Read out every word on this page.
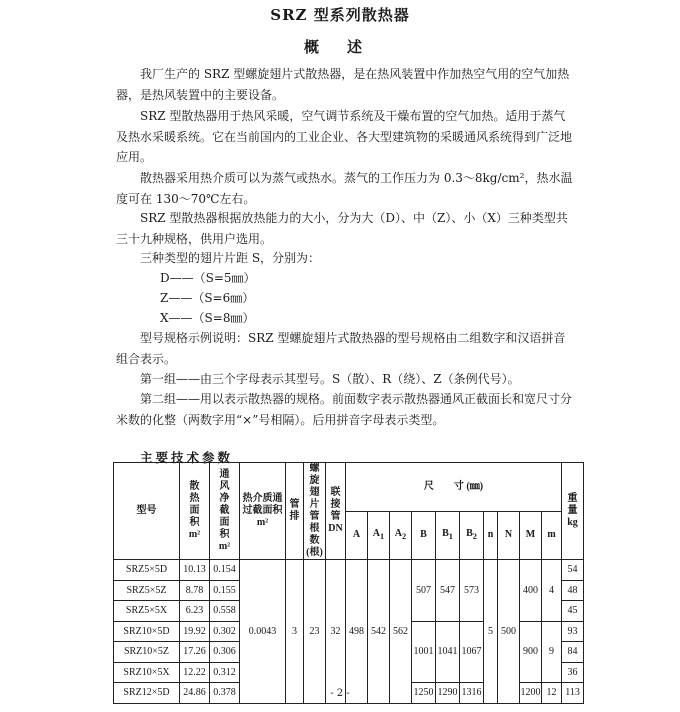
SRZ 型系列散热器
概述

我厂生产的 SRZ 型螺旋翅片式散热器，是在热风装置中作加热空气用的空气加热器，是热风装置中的主要设备。

SRZ 型散热器用于热风采暖，空气调节系统及干燥布置的空气加热。适用于蒸气及热水采暖系统。它在当前国内的工业企业、各大型建筑物的采暖通风系统得到广泛地应用。

散热器采用热介质可以为蒸气或热水。蒸气的工作压力为 0.3～8kg/cm²，热水温度可在 130～70℃左右。

SRZ 型散热器根据放热能力的大小，分为大（D）、中（Z）、小（X）三种类型共三十九种规格，供用户选用。

三种类型的翅片片距 S，分别为：

D——（S=5㎜）
Z——（S=6㎜）
X——（S=8㎜）

型号规格示例说明：SRZ 型螺旋翅片式散热器的型号规格由二组数字和汉语拼音组合表示。

第一组——由三个字母表示其型号。S（散）、R（绕）、Z（条例代号）。

第二组——用以表示散热器的规格。前面数字表示散热器通风正截面长和宽尺寸分米数的化整（两数字用“×”号相隔）。后用拼音字母表示类型。

主要技术参数
型号	散热面积
m²	通风净截面积
m²	热介质通过截面积
m²	管排	螺旋翅片管根数
(根)	联接管
DN	尺　　寸 (㎜)										重量
kg
							A	$A_1$	$A_2$	B	$B_1$	$B_2$	n	N	M	m	
SRZ5×5D	10.13	0.154	0.0043	3	23	32	498	542	562	507	547	573	5	500	400	4	54
SRZ5×5Z	8.78	0.155															48
SRZ5×5X	6.23	0.558															45
SRZ10×5D	19.92	0.302								1001	1041	1067			900	9	93
SRZ10×5Z	17.26	0.306															84
SRZ10×5X	12.22	0.312															36
SRZ12×5D	24.86	0.378								1250	1290	1316			1200	12	113
- 2 -
